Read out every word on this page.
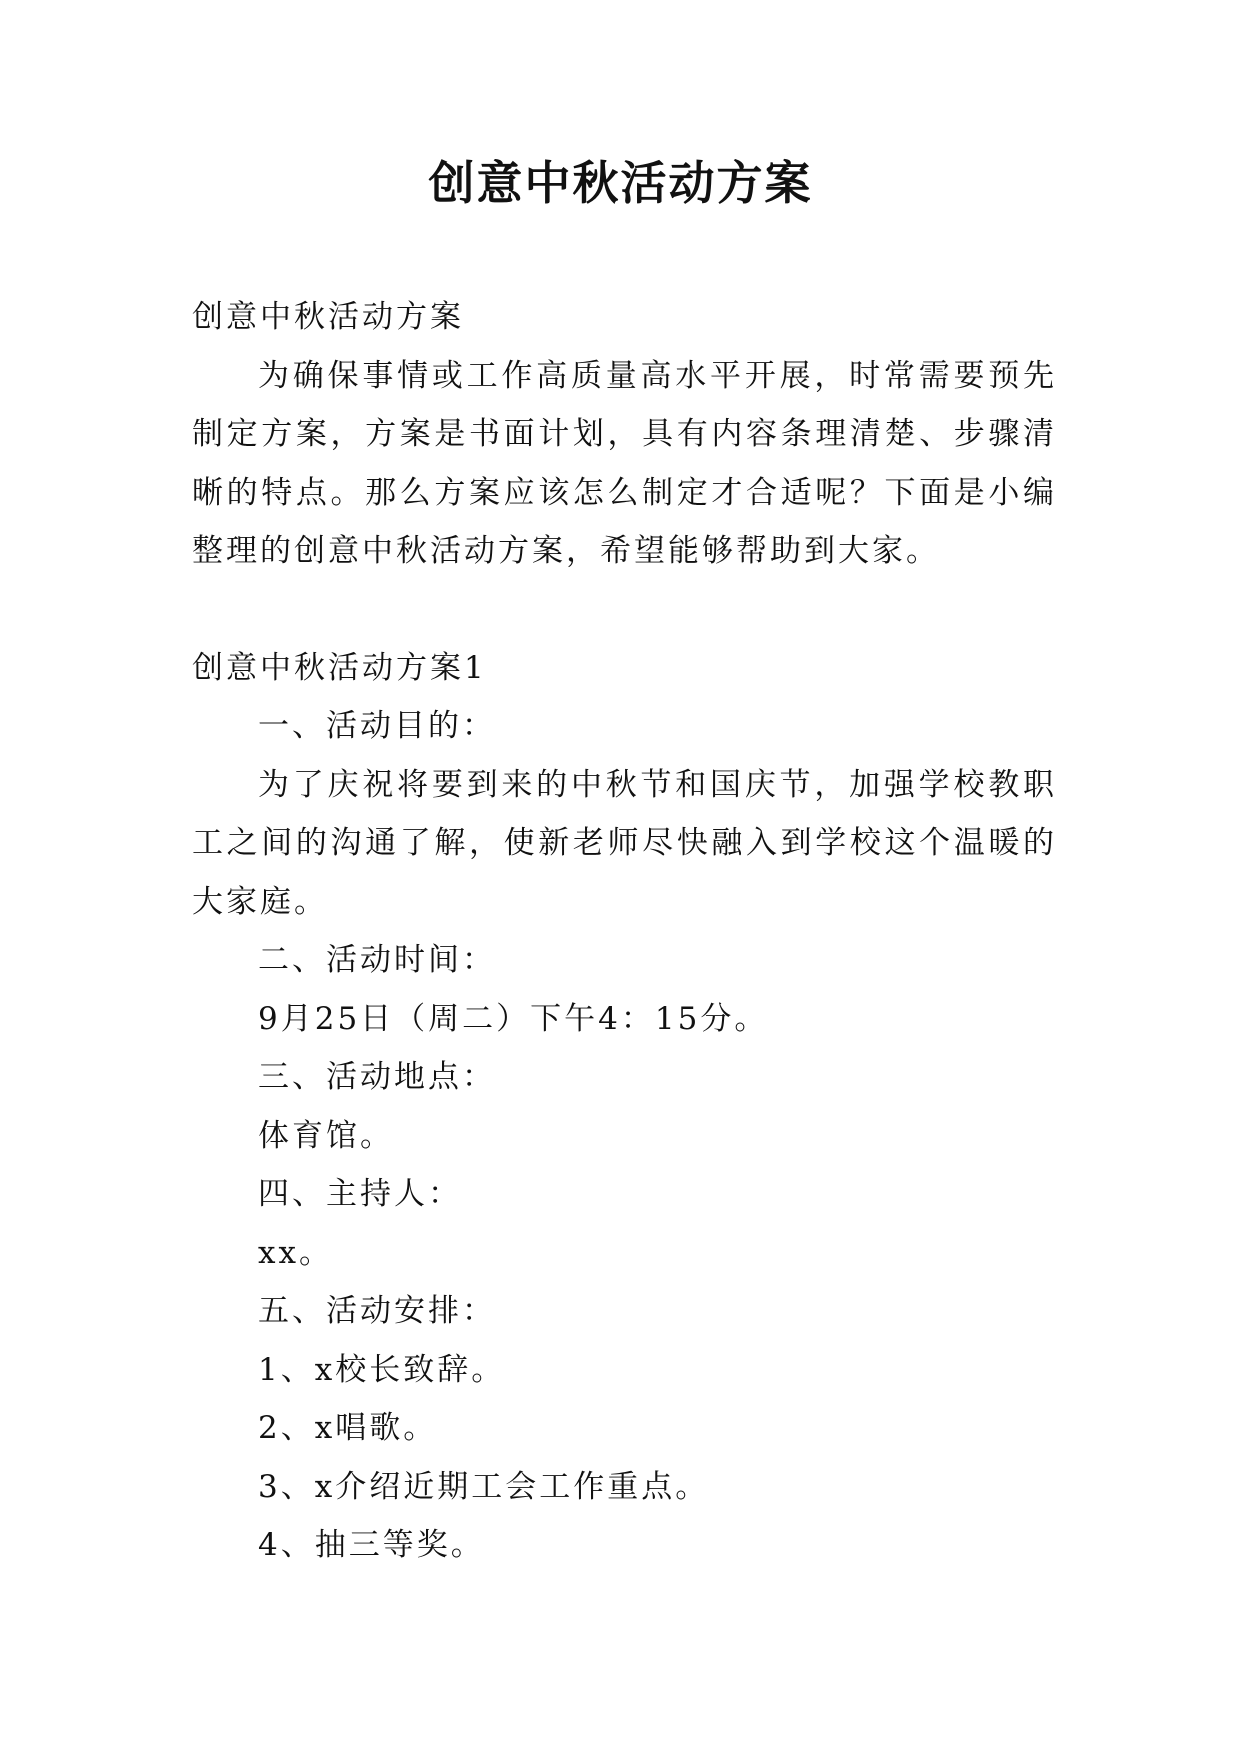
创意中秋活动方案

创意中秋活动方案

为确保事情或工作高质量高水平开展，时常需要预先制定方案，方案是书面计划，具有内容条理清楚、步骤清晰的特点。那么方案应该怎么制定才合适呢？下面是小编整理的创意中秋活动方案，希望能够帮助到大家。

创意中秋活动方案1

一、活动目的：

为了庆祝将要到来的中秋节和国庆节，加强学校教职工之间的沟通了解，使新老师尽快融入到学校这个温暖的大家庭。

二、活动时间：

9月25日（周二）下午4：15分。

三、活动地点：

体育馆。

四、主持人：

xx。

五、活动安排：

1、x校长致辞。

2、x唱歌。

3、x介绍近期工会工作重点。

4、抽三等奖。
